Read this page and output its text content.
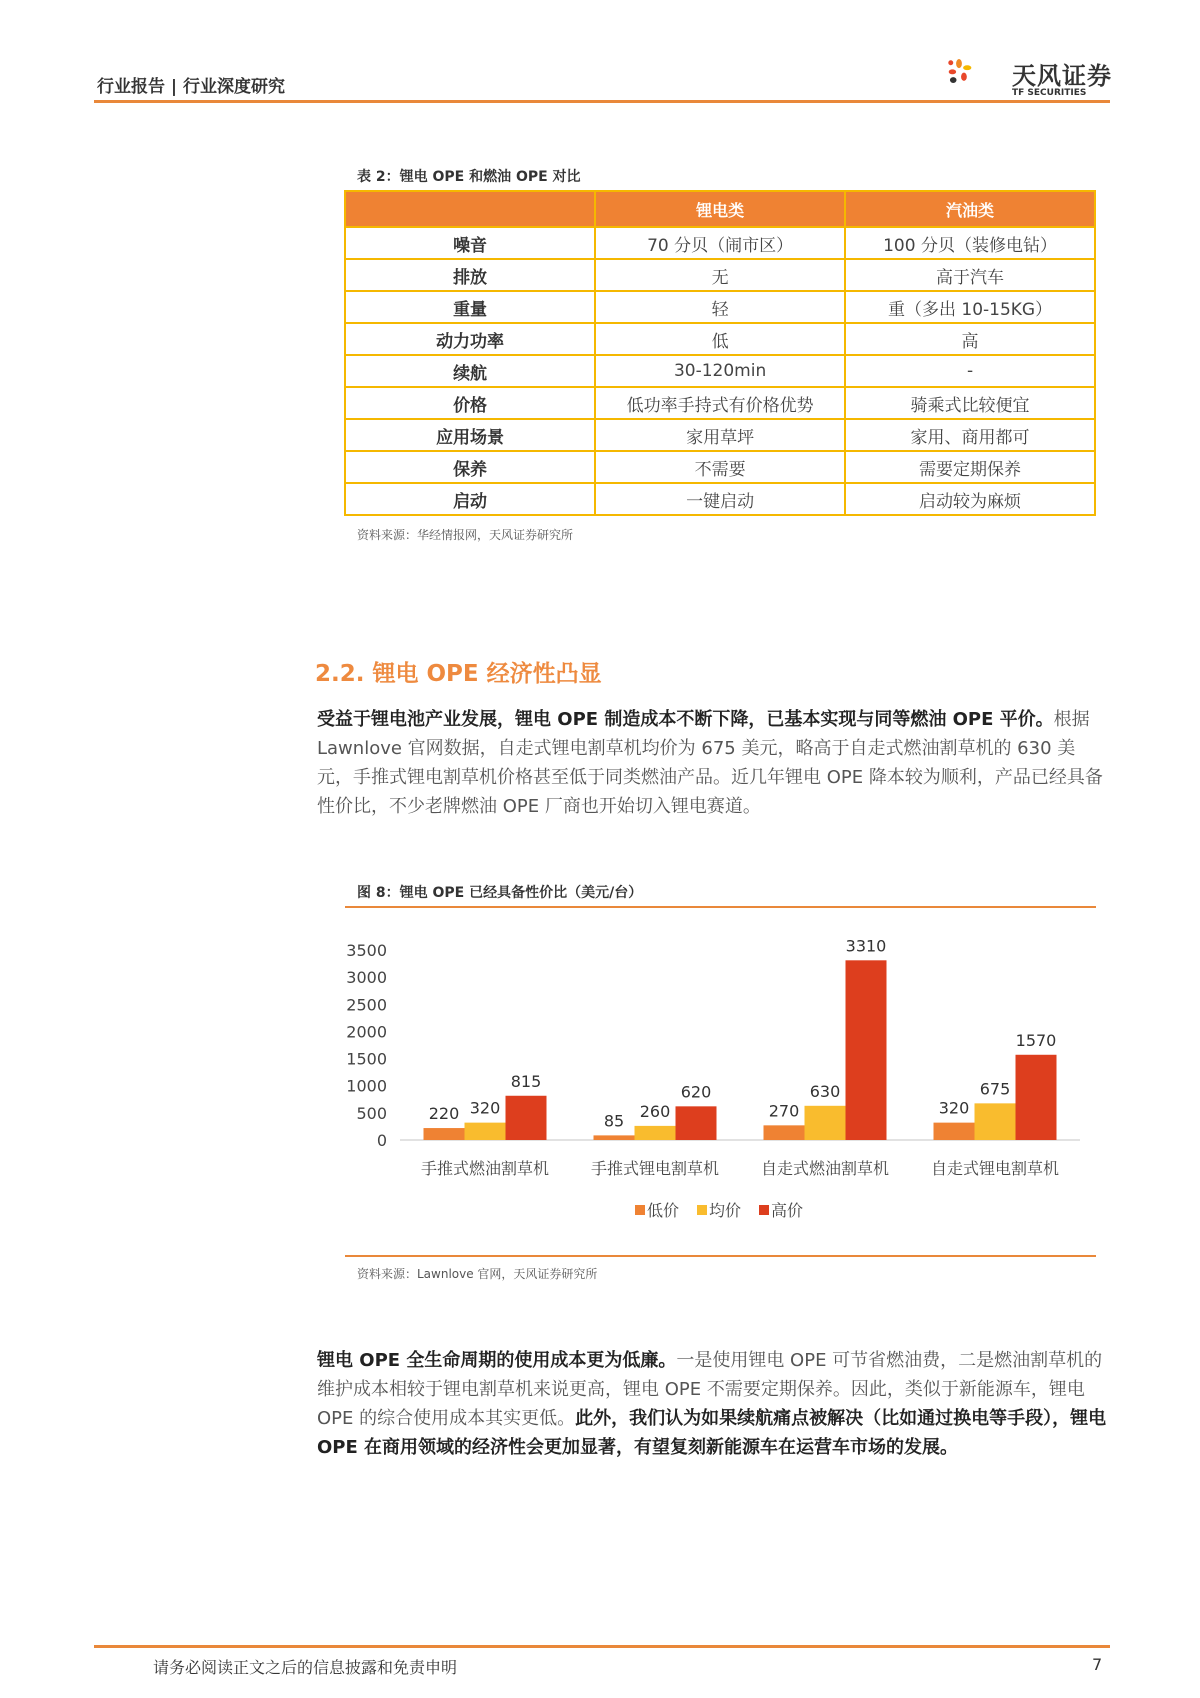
行业报告 | 行业深度研究	天风证券
TF SECURITIES
表 2：锂电 OPE 和燃油 OPE 对比
	锂电类	汽油类
噪音	70 分贝（闹市区）	100 分贝（装修电钻）
排放	无	高于汽车
重量	轻	重（多出 10-15KG）
动力功率	低	高
续航	30-120min	-
价格	低功率手持式有价格优势	骑乘式比较便宜
应用场景	家用草坪	家用、商用都可
保养	不需要	需要定期保养
启动	一键启动	启动较为麻烦
资料来源：华经情报网，天风证券研究所
2.2. 锂电 OPE 经济性凸显
受益于锂电池产业发展，锂电 OPE 制造成本不断下降，已基本实现与同等燃油 OPE 平价。根据 Lawnlove 官网数据，自走式锂电割草机均价为 675 美元，略高于自走式燃油割草机的 630 美元，手推式锂电割草机价格甚至低于同类燃油产品。近几年锂电 OPE 降本较为顺利，产品已经具备性价比，不少老牌燃油 OPE 厂商也开始切入锂电赛道。
图 8：锂电 OPE 已经具备性价比（美元/台）
0
500
1000
1500
2000
2500
3000
3500
220 320
815
85 260
620
270
630
3310
320
675
1570
手推式燃油割草机	手推式锂电割草机	自走式燃油割草机	自走式锂电割草机
低价 均价 高价
资料来源：Lawnlove 官网，天风证券研究所
锂电 OPE 全生命周期的使用成本更为低廉。一是使用锂电 OPE 可节省燃油费，二是燃油割草机的维护成本相较于锂电割草机来说更高，锂电 OPE 不需要定期保养。因此，类似于新能源车，锂电 OPE 的综合使用成本其实更低。此外，我们认为如果续航痛点被解决（比如通过换电等手段），锂电 OPE 在商用领域的经济性会更加显著，有望复刻新能源车在运营车市场的发展。
请务必阅读正文之后的信息披露和免责申明	7
